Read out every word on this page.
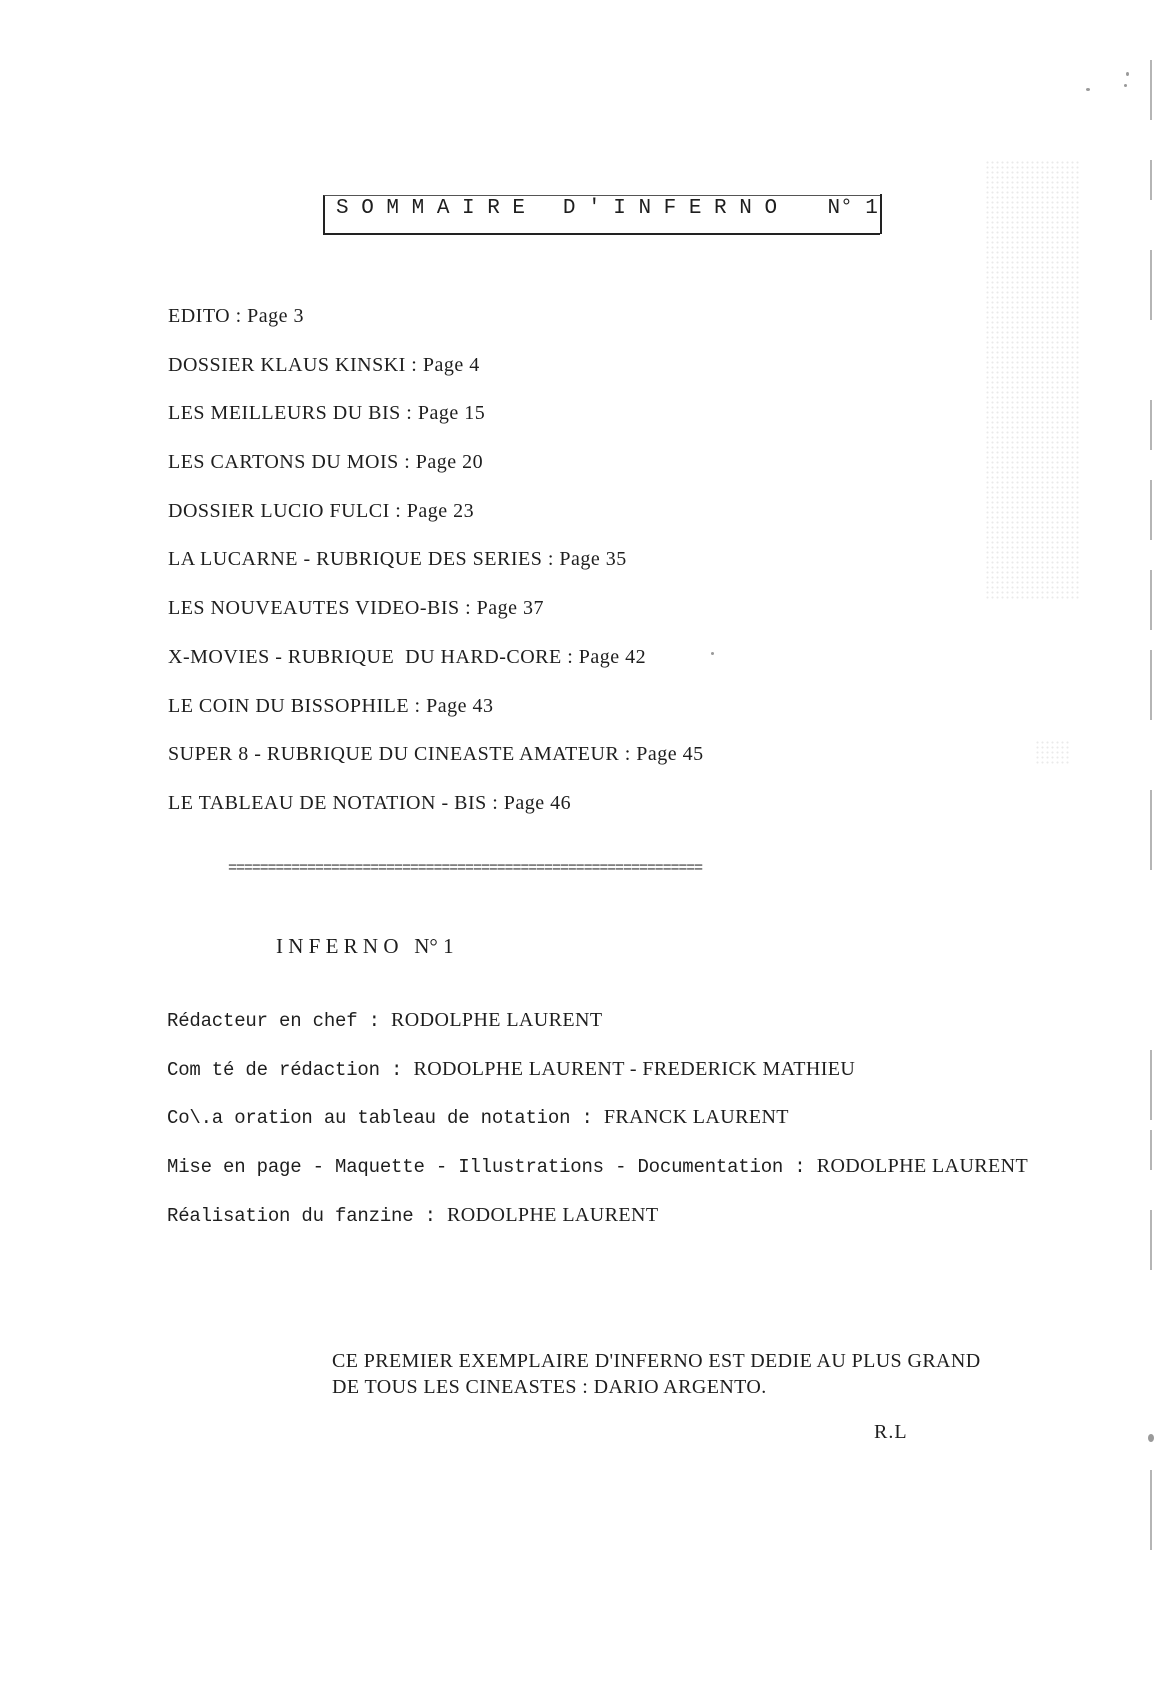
S O M M A I R E   D ' I N F E R N O    N° 1
EDITO : Page 3
DOSSIER KLAUS KINSKI : Page 4
LES MEILLEURS DU BIS : Page 15
LES CARTONS DU MOIS : Page 20
DOSSIER LUCIO FULCI : Page 23
LA LUCARNE - RUBRIQUE DES SERIES : Page 35
LES NOUVEAUTES VIDEO-BIS : Page 37
X-MOVIES - RUBRIQUE  DU HARD-CORE : Page 42
LE COIN DU BISSOPHILE : Page 43
SUPER 8 - RUBRIQUE DU CINEASTE AMATEUR : Page 45
LE TABLEAU DE NOTATION - BIS : Page 46
============================================================
I N F E R N O   N° 1
Rédacteur en chef : RODOLPHE LAURENT
Com té de rédaction : RODOLPHE LAURENT - FREDERICK MATHIEU
Co\.a oration au tableau de notation : FRANCK LAURENT
Mise en page - Maquette - Illustrations - Documentation : RODOLPHE LAURENT
Réalisation du fanzine : RODOLPHE LAURENT
CE PREMIER EXEMPLAIRE D'INFERNO EST DEDIE AU PLUS GRAND
DE TOUS LES CINEASTES : DARIO ARGENTO.
R.L
